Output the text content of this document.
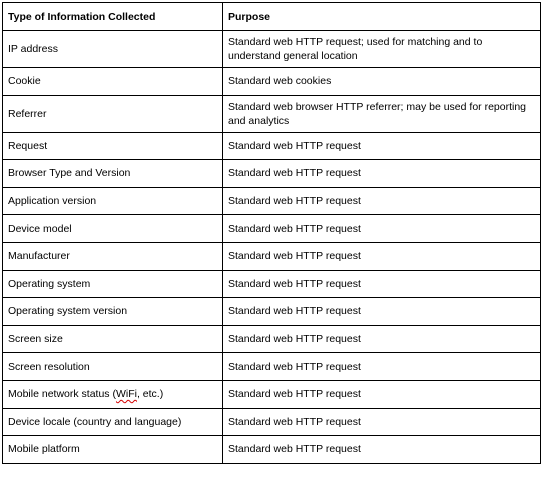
Type of Information Collected	Purpose
IP address	Standard web HTTP request; used for matching and to understand general location
Cookie	Standard web cookies
Referrer	Standard web browser HTTP referrer; may be used for reporting and analytics
Request	Standard web HTTP request
Browser Type and Version	Standard web HTTP request
Application version	Standard web HTTP request
Device model	Standard web HTTP request
Manufacturer	Standard web HTTP request
Operating system	Standard web HTTP request
Operating system version	Standard web HTTP request
Screen size	Standard web HTTP request
Screen resolution	Standard web HTTP request
Mobile network status (WiFi, etc.)	Standard web HTTP request
Device locale (country and language)	Standard web HTTP request
Mobile platform	Standard web HTTP request
